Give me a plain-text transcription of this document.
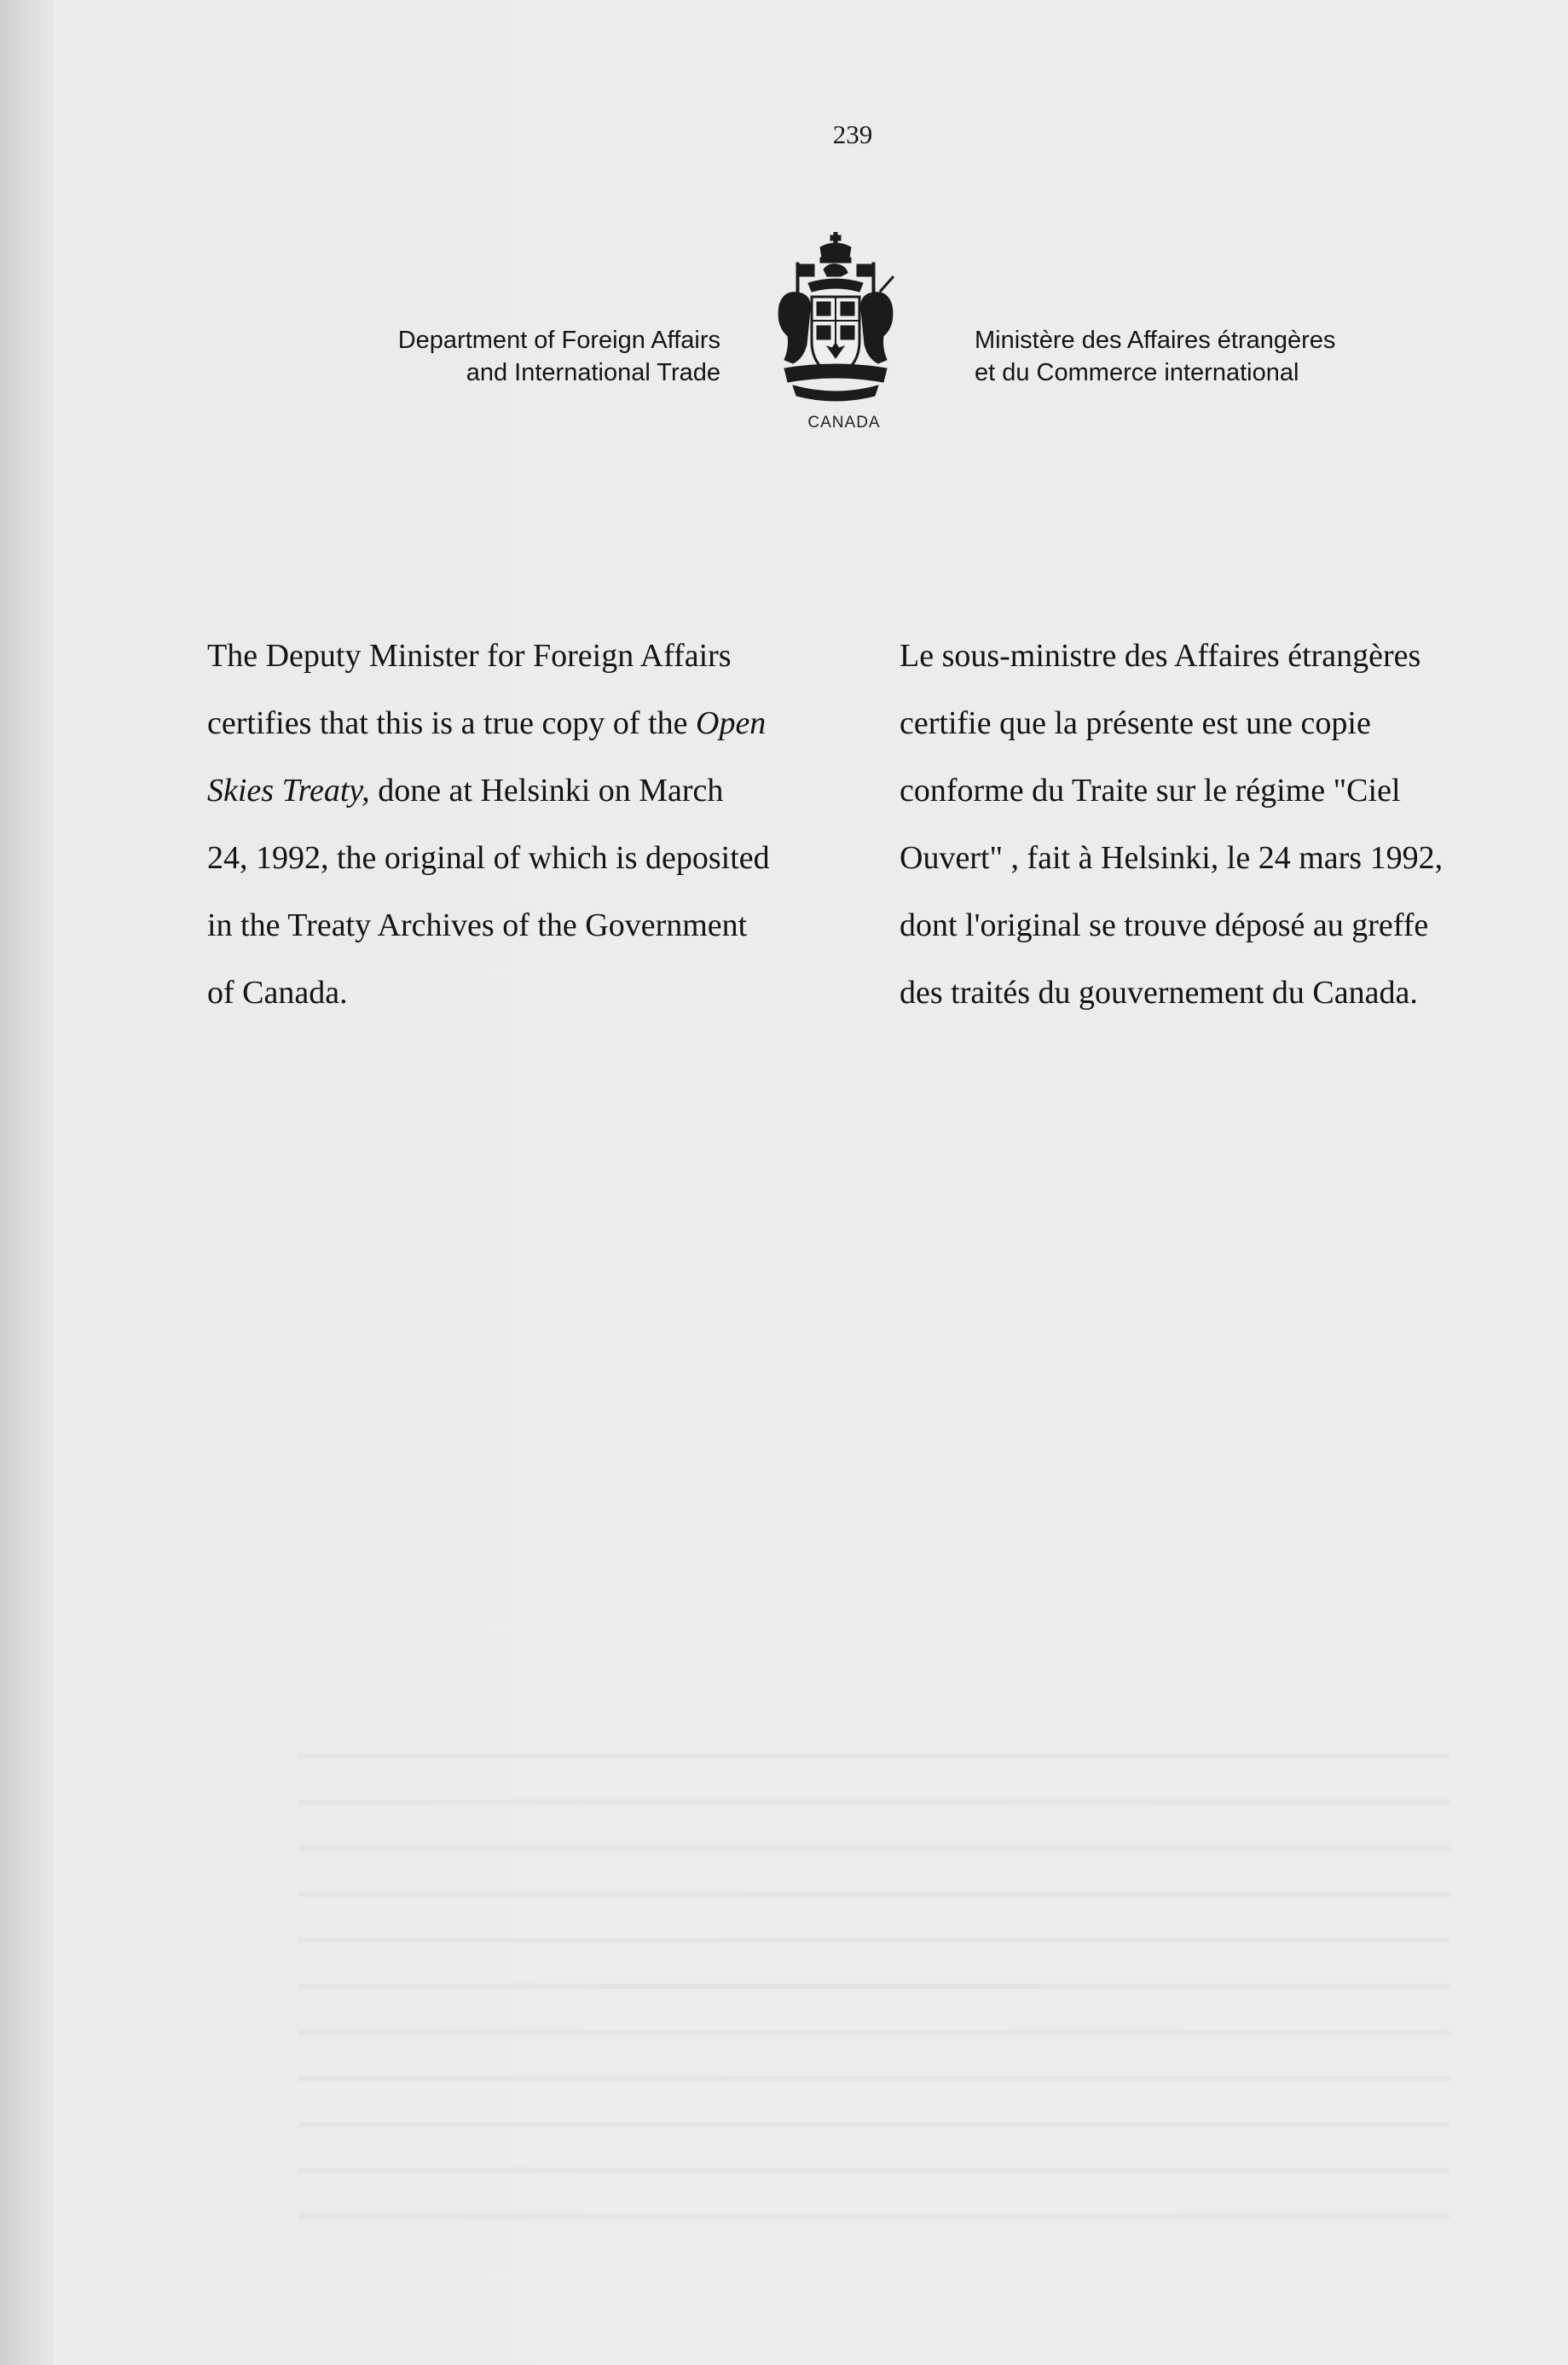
239
Department of Foreign Affairs
and International Trade
CANADA
Ministère des Affaires étrangères
et du Commerce international
The Deputy Minister for Foreign Affairs
certifies that this is a true copy of the Open
Skies Treaty, done at Helsinki on March
24, 1992, the original of which is deposited
in the Treaty Archives of the Government
of Canada.
Le sous-ministre des Affaires étrangères
certifie que la présente est une copie
conforme du Traite sur le régime "Ciel
Ouvert" , fait à Helsinki, le 24 mars 1992,
dont l'original se trouve déposé au greffe
des traités du gouvernement du Canada.
